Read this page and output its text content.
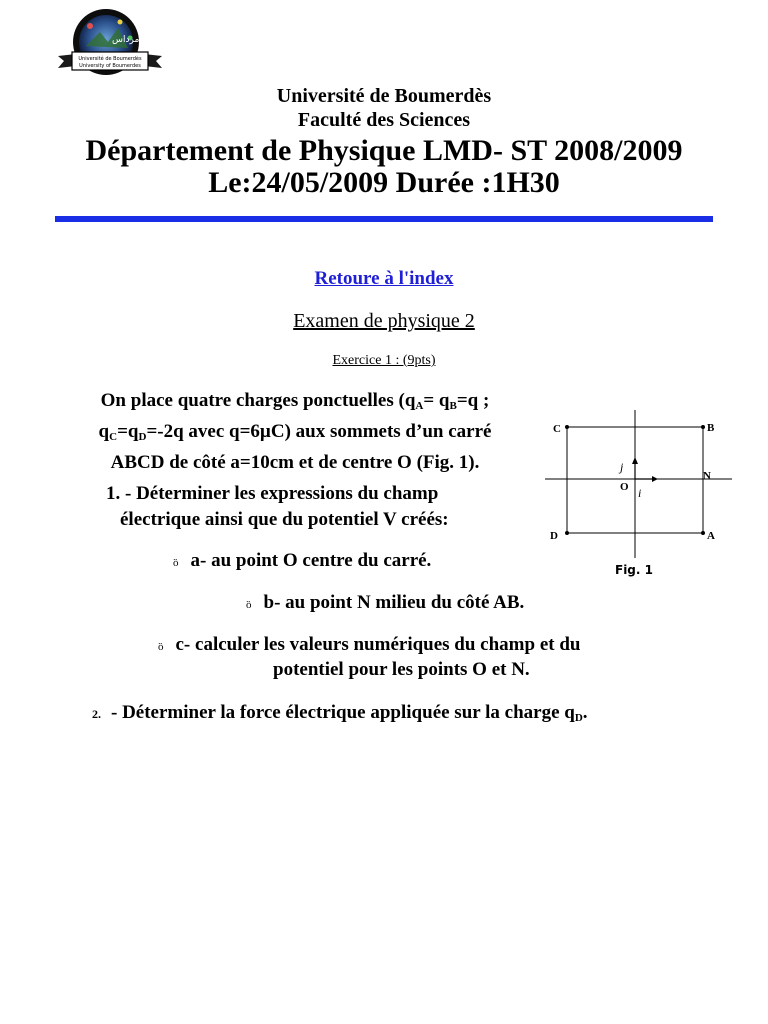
جامعة بومرداس
Université de Boumerdès
University of Boumerdes
Université de Boumerdès
Faculté des Sciences
Département de Physique LMD- ST 2008/2009
Le:24/05/2009 Durée :1H30
Retoure à l'index
Examen de physique 2
Exercice 1 : (9pts)
On place quatre charges ponctuelles ($q_A= q_B=q$ ;
$q_C=q_D=-2q$ avec q=6µC) aux sommets d’un carré
ABCD de côté a=10cm et de centre O (Fig. 1).
1. - Déterminer les expressions du champ
électrique ainsi que du potentiel V créés:
ȍ a- au point O centre du carré.
ȍ b- au point N milieu du côté AB.
ȍ c- calculer les valeurs numériques du champ et du
potentiel pour les points O et N.
2. - Déterminer la force électrique appliquée sur la charge $q_D$.
C	B
D	A
N
O
j
i
Fig. 1
